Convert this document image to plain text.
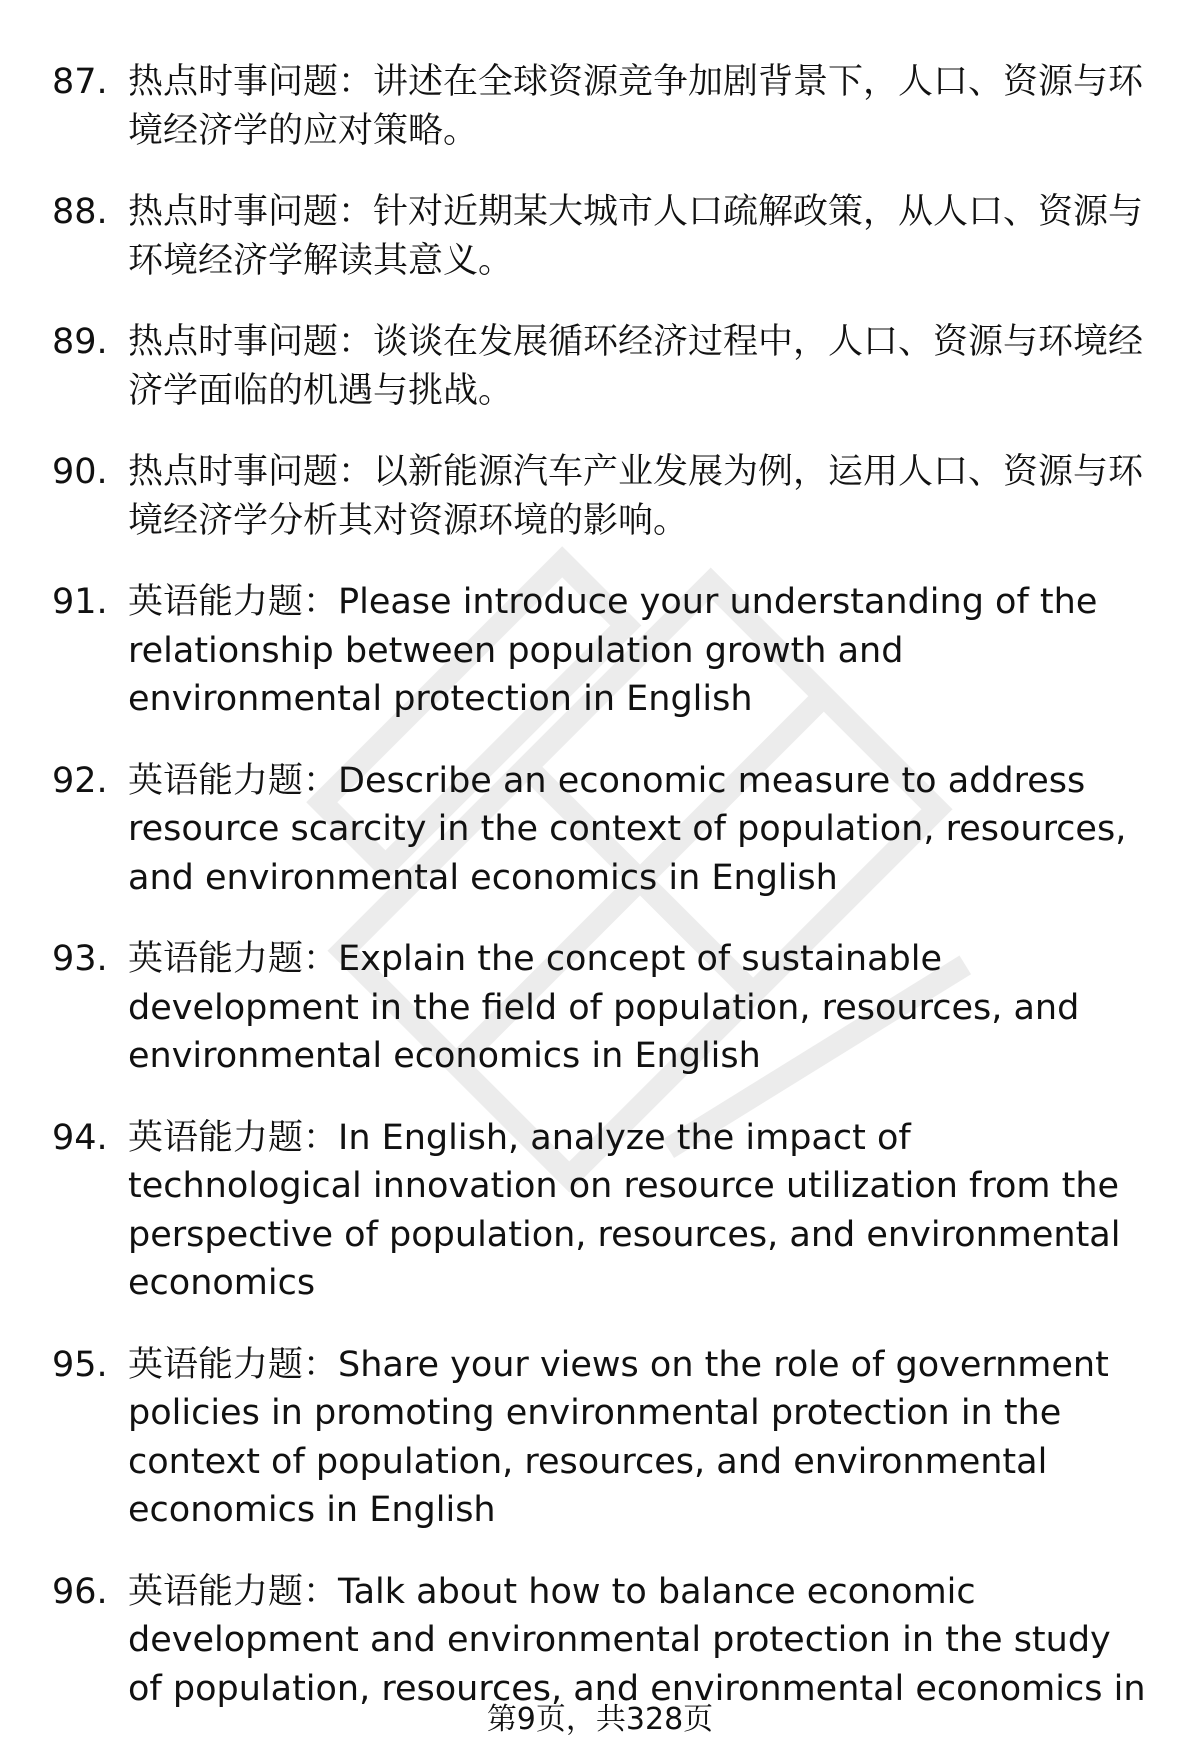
87. 热点时事问题：讲述在全球资源竞争加剧背景下，人口、资源与环境经济学的应对策略。
88. 热点时事问题：针对近期某大城市人口疏解政策，从人口、资源与环境经济学解读其意义。
89. 热点时事问题：谈谈在发展循环经济过程中，人口、资源与环境经济学面临的机遇与挑战。
90. 热点时事问题：以新能源汽车产业发展为例，运用人口、资源与环境经济学分析其对资源环境的影响。
91. 英语能力题：Please introduce your understanding of the relationship between population growth and environmental protection in English
92. 英语能力题：Describe an economic measure to address resource scarcity in the context of population, resources, and environmental economics in English
93. 英语能力题：Explain the concept of sustainable development in the field of population, resources, and environmental economics in English
94. 英语能力题：In English, analyze the impact of technological innovation on resource utilization from the perspective of population, resources, and environmental economics
95. 英语能力题：Share your views on the role of government policies in promoting environmental protection in the context of population, resources, and environmental economics in English
96. 英语能力题：Talk about how to balance economic development and environmental protection in the study of population, resources, and environmental economics in
第9页，共328页
